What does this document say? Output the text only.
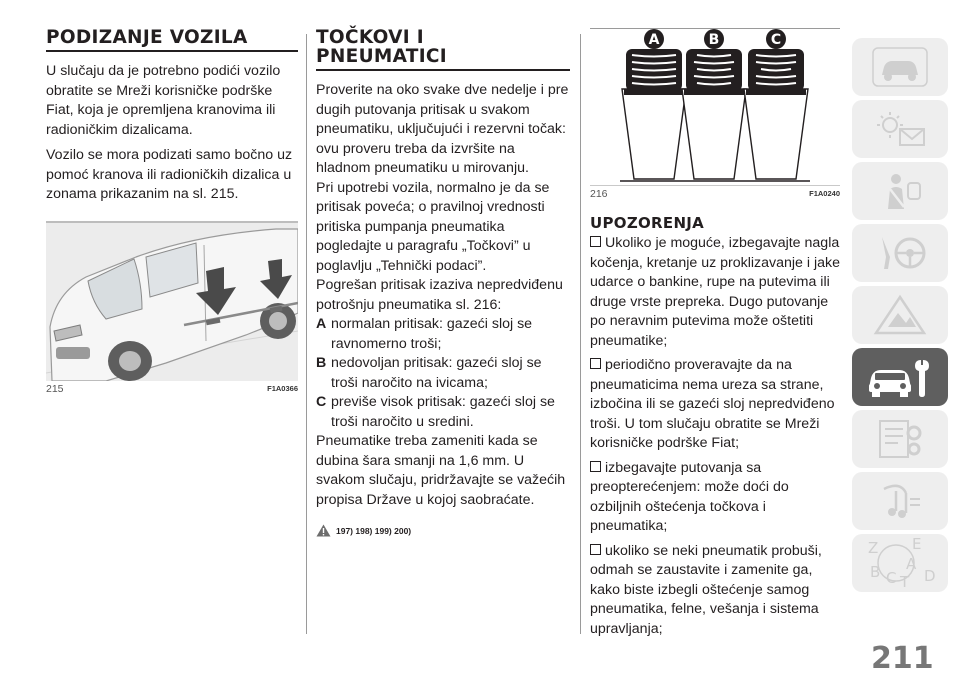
PODIZANJE VOZILA

U slučaju da je potrebno podići vozilo obratite se Mreži korisničke podrške Fiat, koja je opremljena kranovima ili radioničkim dizalicama.

Vozilo se mora podizati samo bočno uz pomoć kranova ili radioničkih dizalica u zonama prikazanim na sl. 215.

215	F1A0366
TOČKOVI I
PNEUMATICI

Proverite na oko svake dve nedelje i pre dugih putovanja pritisak u svakom pneumatiku, uključujući i rezervni točak: ovu proveru treba da izvršite na hladnom pneumatiku u mirovanju.

Pri upotrebi vozila, normalno je da se pritisak poveća; o pravilnoj vrednosti pritiska pumpanja pneumatika pogledajte u paragrafu „Točkovi” u poglavlju „Tehnički podaci”.

Pogrešan pritisak izaziva nepredviđenu potrošnju pneumatika sl. 216:

A normalan pritisak: gazeći sloj se ravnomerno troši;
B nedovoljan pritisak: gazeći sloj se troši naročito na ivicama;
C previše visok pritisak: gazeći sloj se troši naročito u sredini.

Pneumatike treba zameniti kada se dubina šara smanji na 1,6 mm. U svakom slučaju, pridržavajte se važećih propisa Države u kojoj saobraćate.

197) 198) 199) 200)
A	B	C
216	F1A0240
UPOZORENJA
Ukoliko je moguće, izbegavajte nagla kočenja, kretanje uz proklizavanje i jake udarce o bankine, rupe na putevima ili druge vrste prepreka. Dugo putovanje po neravnim putevima može oštetiti pneumatike;
periodično proveravajte da na pneumaticima nema ureza sa strane, izbočina ili se gazeći sloj nepredviđeno troši. U tom slučaju obratite se Mreži korisničke podrške Fiat;
izbegavajte putovanja sa preopterećenjem: može doći do ozbiljnih oštećenja točkova i pneumatika;
ukoliko se neki pneumatik probuši, odmah se zaustavite i zamenite ga, kako biste izbegli oštećenje samog pneumatika, felne, vešanja i sistema upravljanja;
Z E
B A
C T D
211
